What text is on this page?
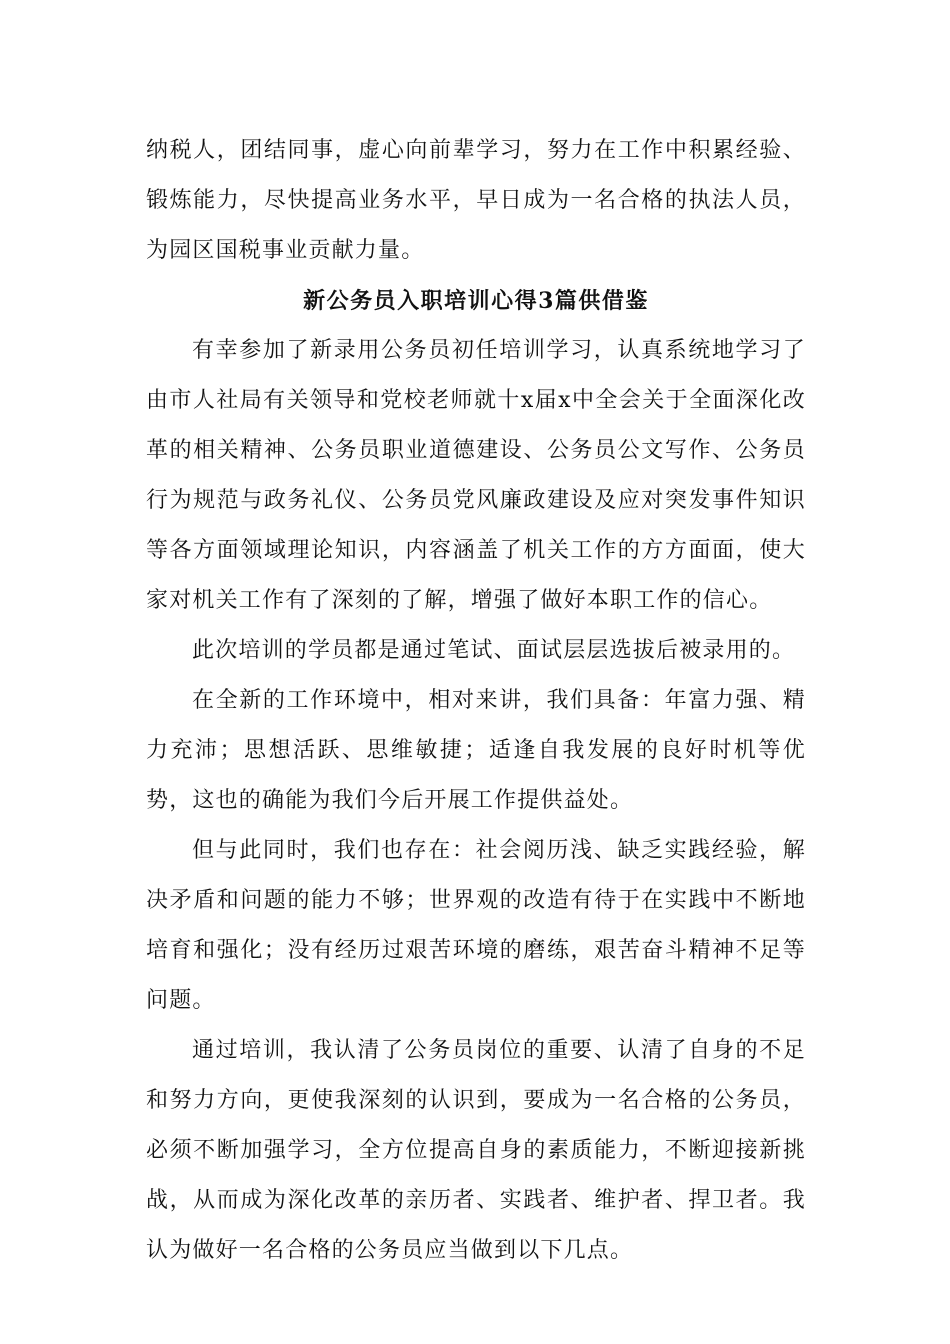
纳税人，团结同事，虚心向前辈学习，努力在工作中积累经验、锻炼能力，尽快提高业务水平，早日成为一名合格的执法人员，为园区国税事业贡献力量。

新公务员入职培训心得3篇供借鉴

有幸参加了新录用公务员初任培训学习，认真系统地学习了由市人社局有关领导和党校老师就十x届x中全会关于全面深化改革的相关精神、公务员职业道德建设、公务员公文写作、公务员行为规范与政务礼仪、公务员党风廉政建设及应对突发事件知识等各方面领域理论知识，内容涵盖了机关工作的方方面面，使大家对机关工作有了深刻的了解，增强了做好本职工作的信心。

此次培训的学员都是通过笔试、面试层层选拔后被录用的。

在全新的工作环境中，相对来讲，我们具备：年富力强、精力充沛；思想活跃、思维敏捷；适逢自我发展的良好时机等优势，这也的确能为我们今后开展工作提供益处。

但与此同时，我们也存在：社会阅历浅、缺乏实践经验，解决矛盾和问题的能力不够；世界观的改造有待于在实践中不断地培育和强化；没有经历过艰苦环境的磨练，艰苦奋斗精神不足等问题。

通过培训，我认清了公务员岗位的重要、认清了自身的不足和努力方向，更使我深刻的认识到，要成为一名合格的公务员，必须不断加强学习，全方位提高自身的素质能力，不断迎接新挑战，从而成为深化改革的亲历者、实践者、维护者、捍卫者。我认为做好一名合格的公务员应当做到以下几点。
